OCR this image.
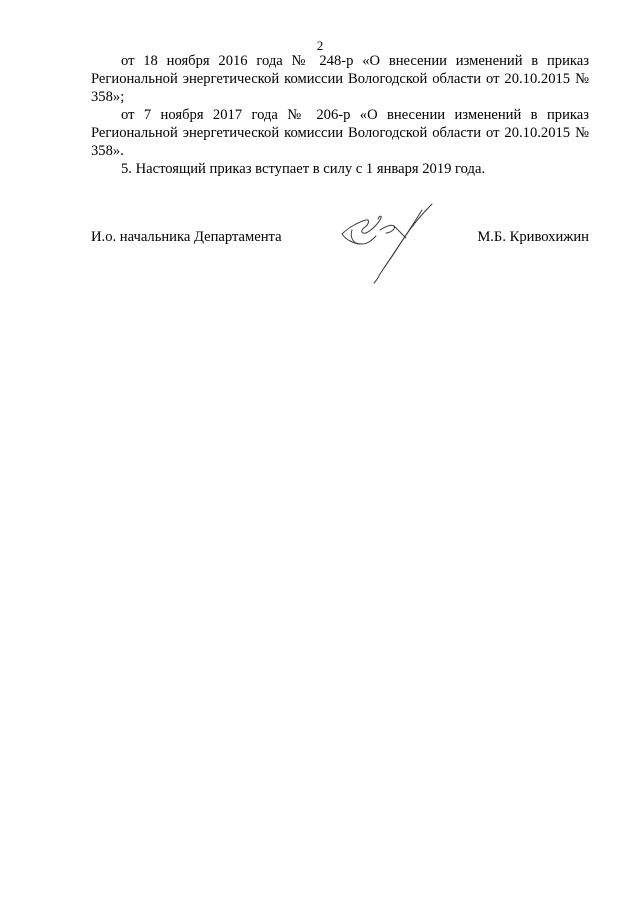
2

от 18 ноября 2016 года № 248-р «О внесении изменений в приказ Региональной энергетической комиссии Вологодской области от 20.10.2015 № 358»;

от 7 ноября 2017 года № 206-р «О внесении изменений в приказ Региональной энергетической комиссии Вологодской области от 20.10.2015 № 358».

5. Настоящий приказ вступает в силу с 1 января 2019 года.

И.о. начальника Департамента	М.Б. Кривохижин
